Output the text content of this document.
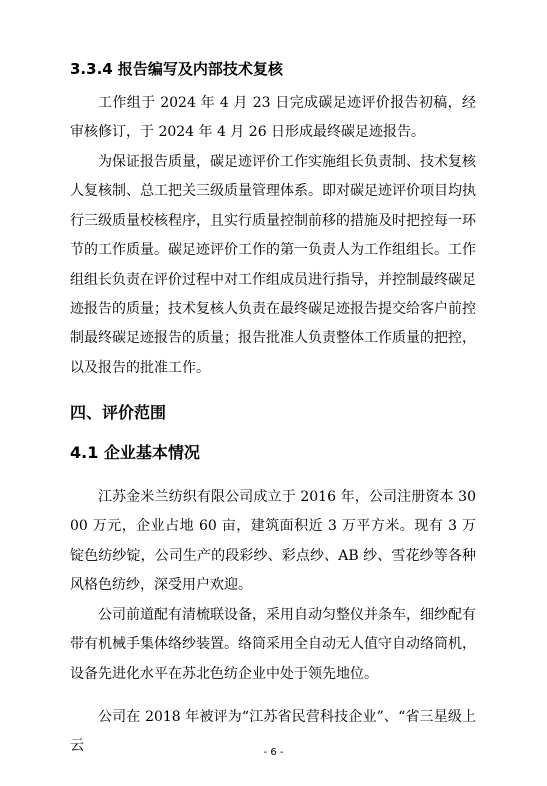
3.3.4 报告编写及内部技术复核
工作组于 2024 年 4 月 23 日完成碳足迹评价报告初稿，经审核修订，于 2024 年 4 月 26 日形成最终碳足迹报告。
为保证报告质量，碳足迹评价工作实施组长负责制、技术复核人复核制、总工把关三级质量管理体系。即对碳足迹评价项目均执行三级质量校核程序，且实行质量控制前移的措施及时把控每一环节的工作质量。碳足迹评价工作的第一负责人为工作组组长。工作组组长负责在评价过程中对工作组成员进行指导，并控制最终碳足迹报告的质量；技术复核人负责在最终碳足迹报告提交给客户前控制最终碳足迹报告的质量；报告批准人负责整体工作质量的把控，以及报告的批准工作。
四、评价范围
4.1 企业基本情况
江苏金米兰纺织有限公司成立于 2016 年，公司注册资本 3000 万元，企业占地 60 亩，建筑面积近 3 万平方米。现有 3 万锭色纺纱锭，公司生产的段彩纱、彩点纱、AB 纱、雪花纱等各种风格色纺纱，深受用户欢迎。
公司前道配有清梳联设备，采用自动匀整仪并条车，细纱配有带有机械手集体络纱装置。络筒采用全自动无人值守自动络筒机，设备先进化水平在苏北色纺企业中处于领先地位。
公司在 2018 年被评为“江苏省民营科技企业”、“省三星级上云	- 6 -
